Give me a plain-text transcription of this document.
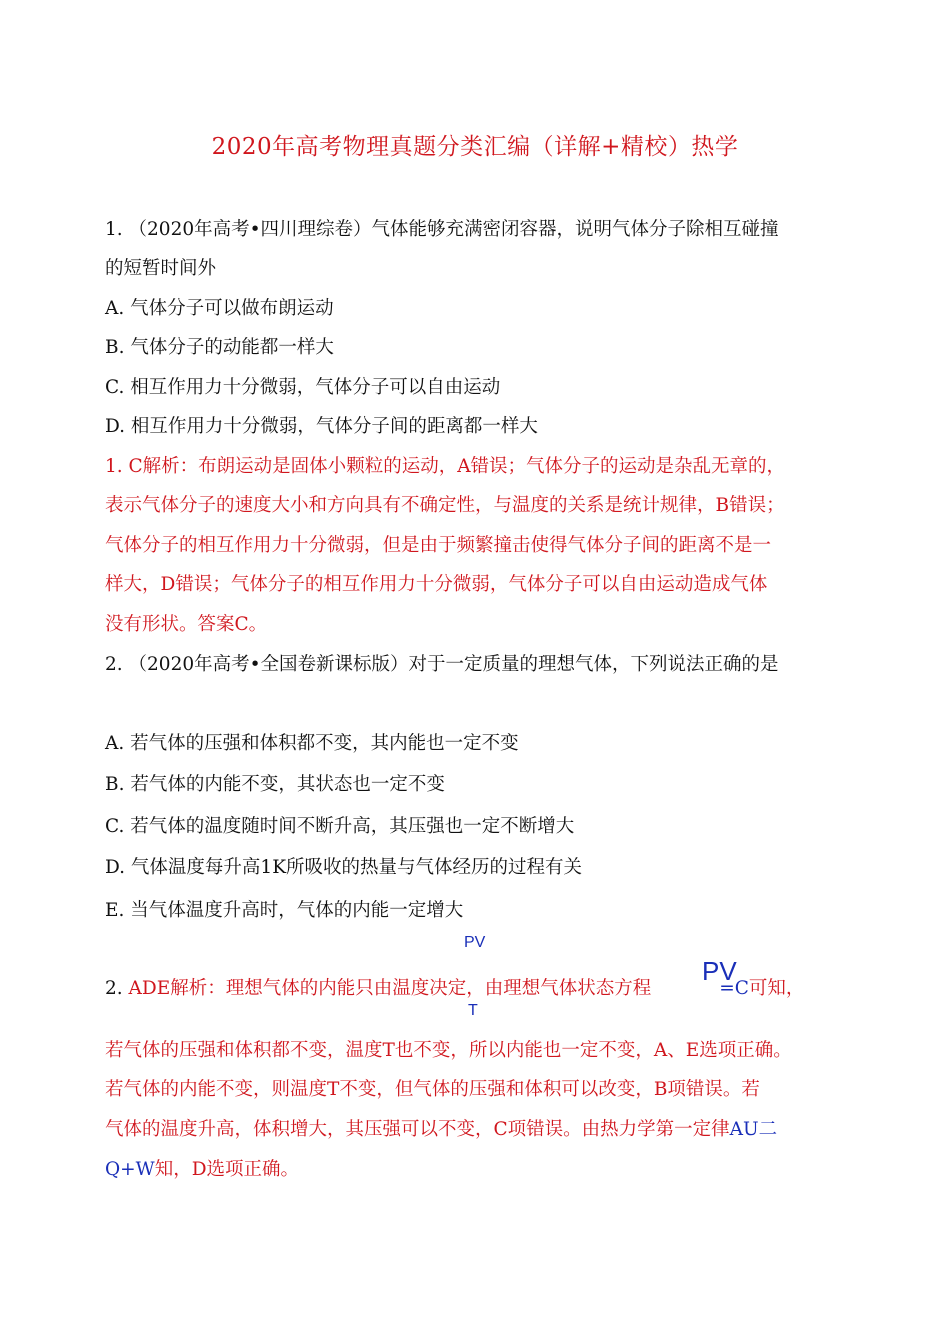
2020年高考物理真题分类汇编（详解+精校）热学
1. （2020年高考•四川理综卷）气体能够充满密闭容器，说明气体分子除相互碰撞
的短暂时间外
A. 气体分子可以做布朗运动
B. 气体分子的动能都一样大
C. 相互作用力十分微弱，气体分子可以自由运动
D. 相互作用力十分微弱，气体分子间的距离都一样大
1. C解析：布朗运动是固体小颗粒的运动，A错误；气体分子的运动是杂乱无章的，
表示气体分子的速度大小和方向具有不确定性，与温度的关系是统计规律，B错误；
气体分子的相互作用力十分微弱，但是由于频繁撞击使得气体分子间的距离不是一
样大，D错误；气体分子的相互作用力十分微弱，气体分子可以自由运动造成气体
没有形状。答案C。
2. （2020年高考•全国卷新课标版）对于一定质量的理想气体，下列说法正确的是
A. 若气体的压强和体积都不变，其内能也一定不变
B. 若气体的内能不变，其状态也一定不变
C. 若气体的温度随时间不断升高，其压强也一定不断增大
D. 气体温度每升高1K所吸收的热量与气体经历的过程有关
E. 当气体温度升高时，气体的内能一定增大
PV
PV
T
2. ADE解析：理想气体的内能只由温度决定，由理想气体状态方程	=C可知，
若气体的压强和体积都不变，温度T也不变，所以内能也一定不变，A、E选项正确。
若气体的内能不变，则温度T不变，但气体的压强和体积可以改变，B项错误。若
气体的温度升高，体积增大，其压强可以不变，C项错误。由热力学第一定律AU二
Q+W知，D选项正确。
